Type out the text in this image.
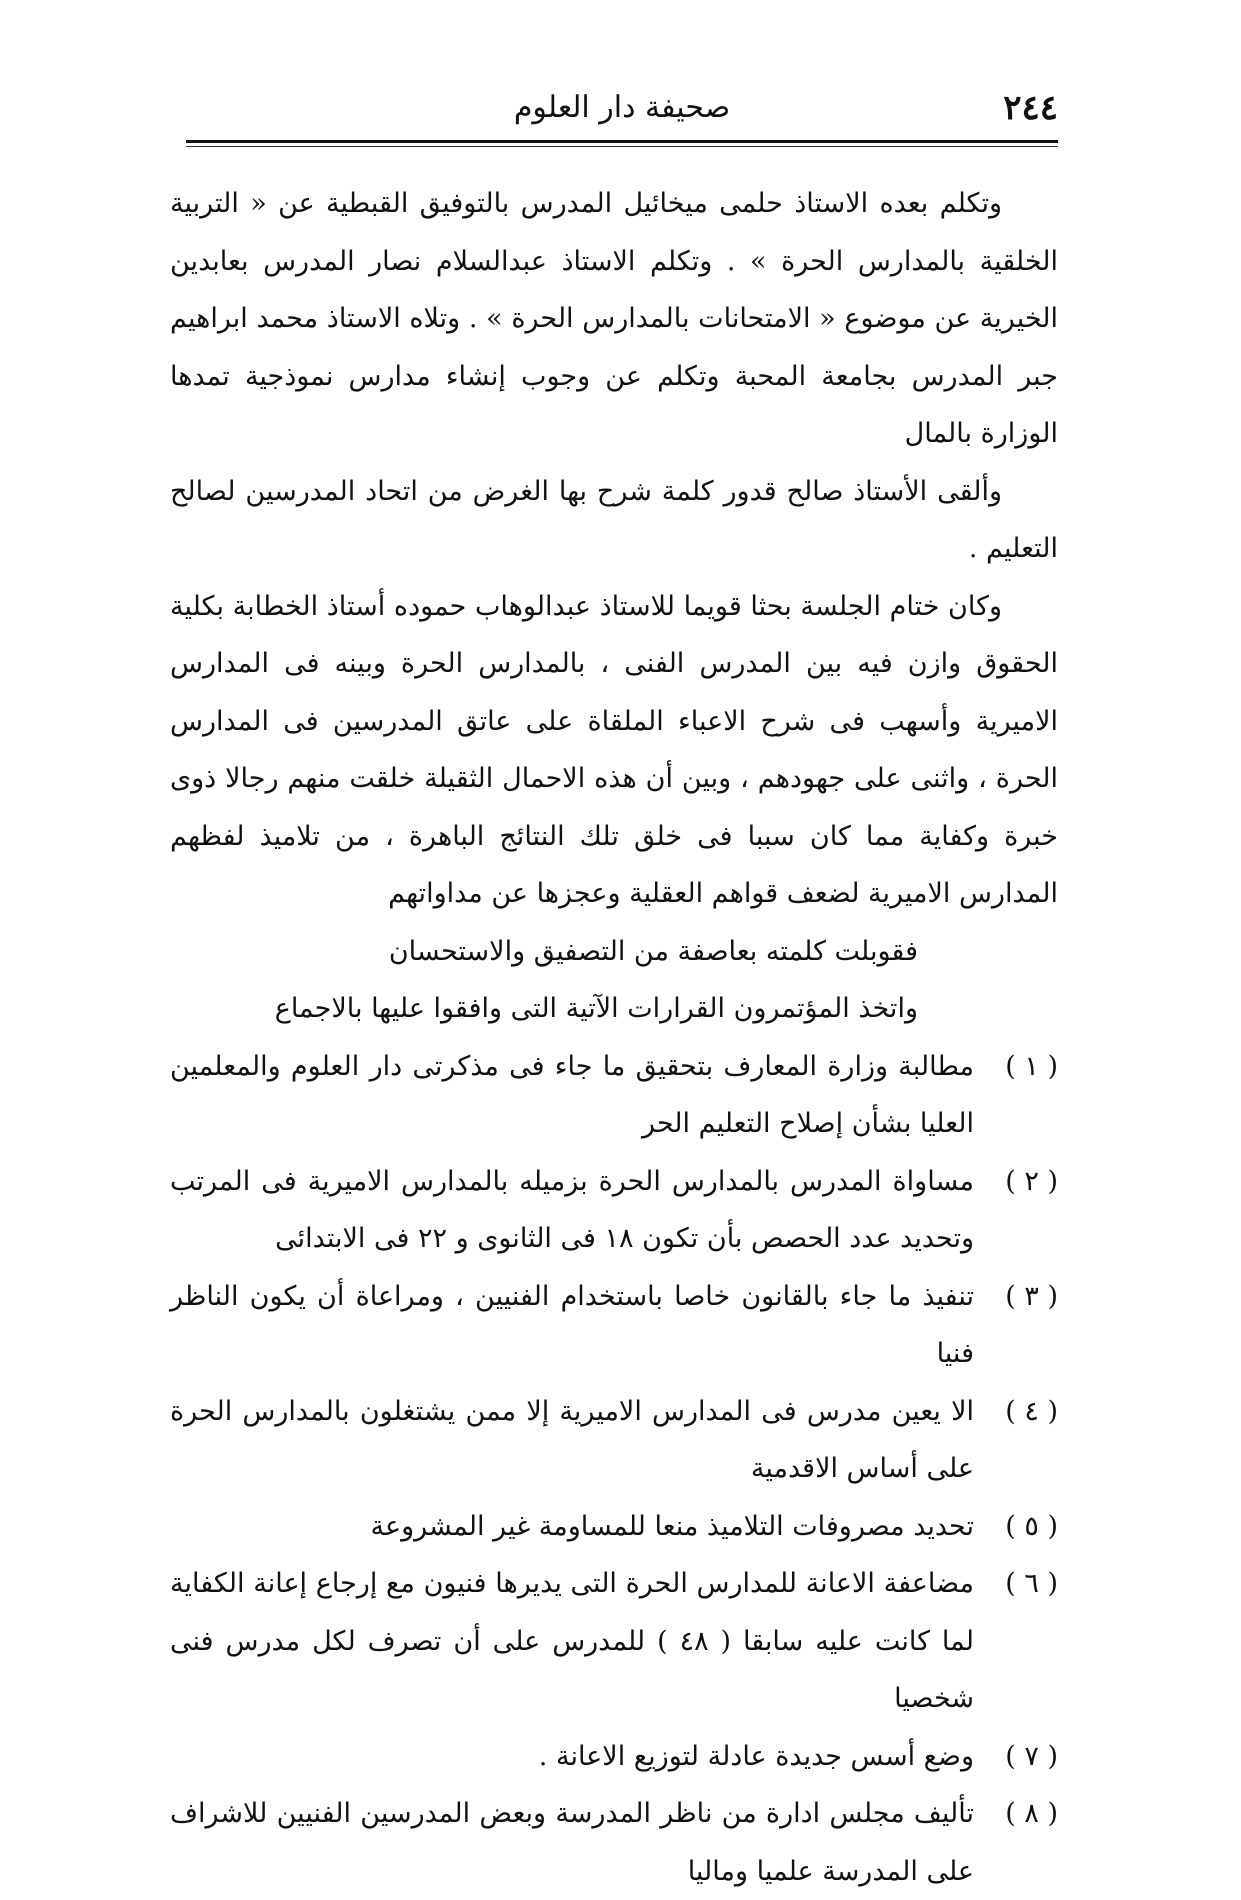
٢٤٤
صحيفة دار العلوم

وتكلم بعده الاستاذ حلمى ميخائيل المدرس بالتوفيق القبطية عن « التربية الخلقية بالمدارس الحرة » . وتكلم الاستاذ عبدالسلام نصار المدرس بعابدين الخيرية عن موضوع « الامتحانات بالمدارس الحرة » . وتلاه الاستاذ محمد ابراهيم جبر المدرس بجامعة المحبة وتكلم عن وجوب إنشاء مدارس نموذجية تمدها الوزارة بالمال

وألقى الأستاذ صالح قدور كلمة شرح بها الغرض من اتحاد المدرسين لصالح التعليم .

وكان ختام الجلسة بحثا قويما للاستاذ عبدالوهاب حموده أستاذ الخطابة بكلية الحقوق وازن فيه بين المدرس الفنى ، بالمدارس الحرة وبينه فى المدارس الاميرية وأسهب فى شرح الاعباء الملقاة على عاتق المدرسين فى المدارس الحرة ، واثنى على جهودهم ، وبين أن هذه الاحمال الثقيلة خلقت منهم رجالا ذوى خبرة وكفاية مما كان سببا فى خلق تلك النتائج الباهرة ، من تلاميذ لفظهم المدارس الاميرية لضعف قواهم العقلية وعجزها عن مداواتهم

فقوبلت كلمته بعاصفة من التصفيق والاستحسان

واتخذ المؤتمرون القرارات الآتية التى وافقوا عليها بالاجماع

( ١ )
مطالبة وزارة المعارف بتحقيق ما جاء فى مذكرتى دار العلوم والمعلمين العليا بشأن إصلاح التعليم الحر
( ٢ )
مساواة المدرس بالمدارس الحرة بزميله بالمدارس الاميرية فى المرتب وتحديد عدد الحصص بأن تكون ١٨ فى الثانوى و ٢٢ فى الابتدائى
( ٣ )
تنفيذ ما جاء بالقانون خاصا باستخدام الفنيين ، ومراعاة أن يكون الناظر فنيا
( ٤ )
الا يعين مدرس فى المدارس الاميرية إلا ممن يشتغلون بالمدارس الحرة على أساس الاقدمية
( ٥ )
تحديد مصروفات التلاميذ منعا للمساومة غير المشروعة
( ٦ )
مضاعفة الاعانة للمدارس الحرة التى يديرها فنيون مع إرجاع إعانة الكفاية لما كانت عليه سابقا ( ٤٨ ) للمدرس على أن تصرف لكل مدرس فنى شخصيا
( ٧ )
وضع أسس جديدة عادلة لتوزيع الاعانة .
( ٨ )
تأليف مجلس ادارة من ناظر المدرسة وبعض المدرسين الفنيين للاشراف على المدرسة علميا وماليا
